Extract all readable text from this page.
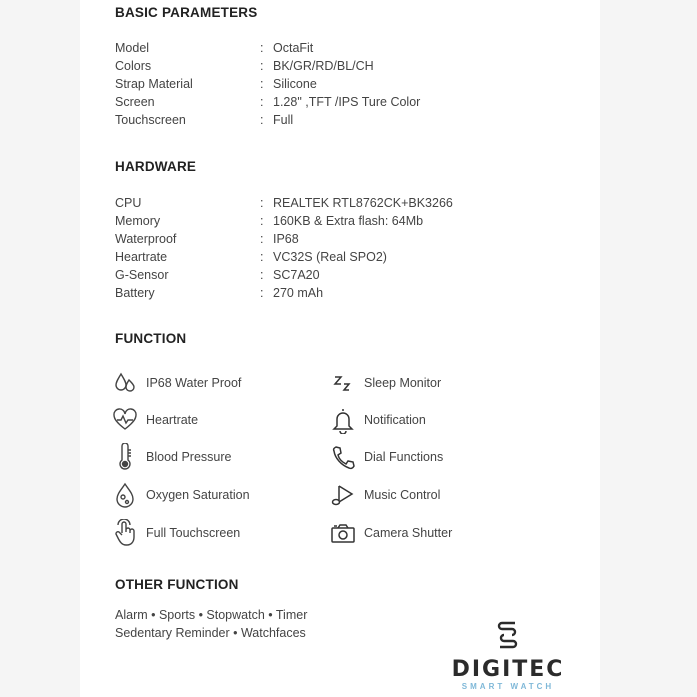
BASIC PARAMETERS
Model	: OctaFit
Colors	: BK/GR/RD/BL/CH
Strap Material	: Silicone
Screen	: 1.28" ,TFT /IPS Ture Color
Touchscreen	: Full
HARDWARE
CPU	: REALTEK RTL8762CK+BK3266
Memory	: 160KB & Extra flash: 64Mb
Waterproof	: IP68
Heartrate	: VC32S (Real SPO2)
G-Sensor	: SC7A20
Battery	: 270 mAh
FUNCTION
IP68 Water Proof
Heartrate
Blood Pressure
Oxygen Saturation
Full Touchscreen
Sleep Monitor
Notification
Dial Functions
Music Control
Camera Shutter
OTHER FUNCTION
Alarm • Sports • Stopwatch • Timer
Sedentary Reminder • Watchfaces
DIGITEC
SMART WATCH
